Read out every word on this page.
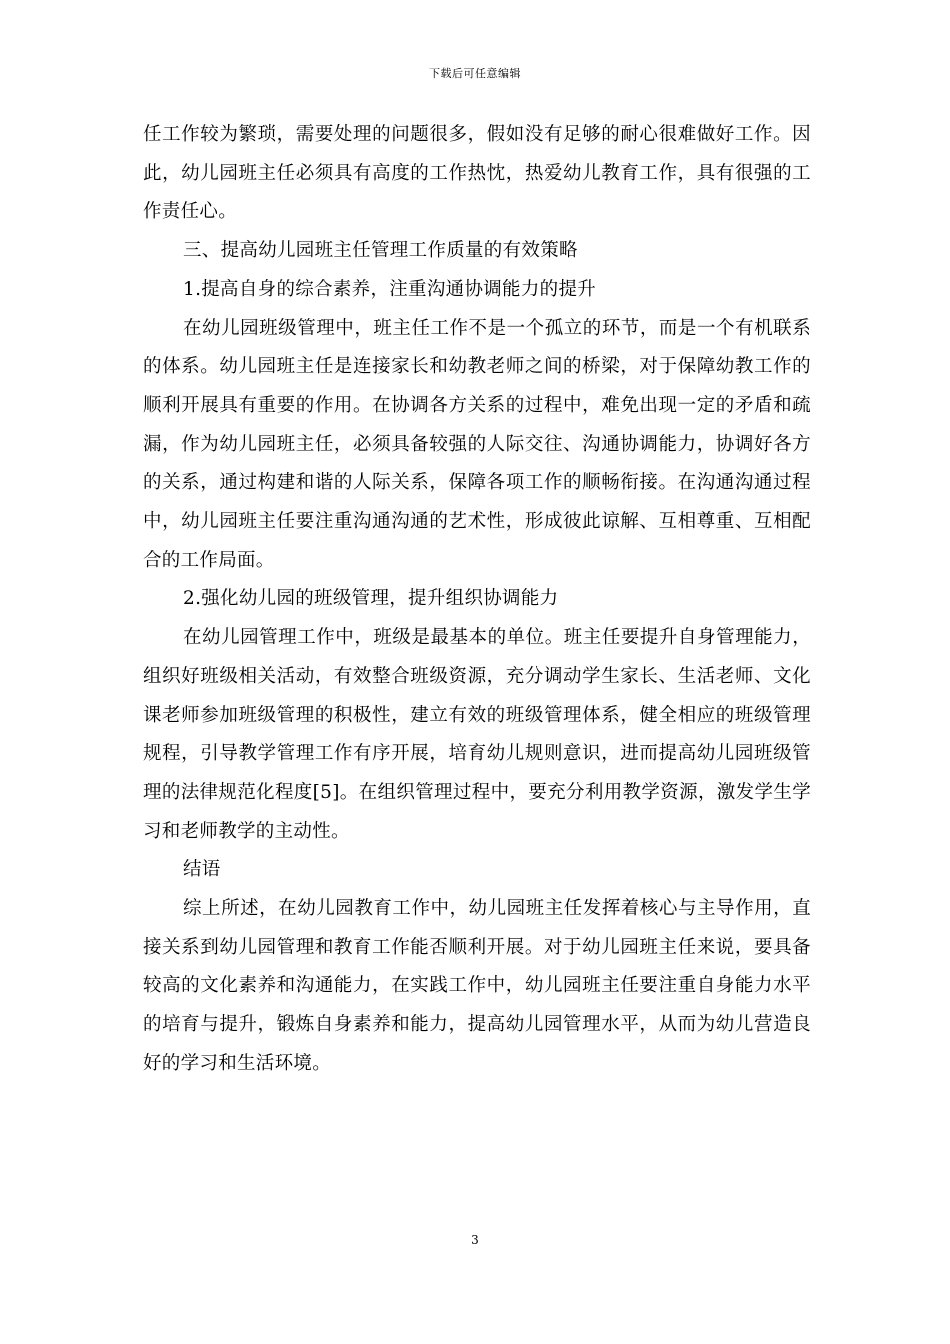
下载后可任意编辑

任工作较为繁琐，需要处理的问题很多，假如没有足够的耐心很难做好工作。因此，幼儿园班主任必须具有高度的工作热忱，热爱幼儿教育工作，具有很强的工作责任心。

三、提高幼儿园班主任管理工作质量的有效策略

1.提高自身的综合素养，注重沟通协调能力的提升

在幼儿园班级管理中，班主任工作不是一个孤立的环节，而是一个有机联系的体系。幼儿园班主任是连接家长和幼教老师之间的桥梁，对于保障幼教工作的顺利开展具有重要的作用。在协调各方关系的过程中，难免出现一定的矛盾和疏漏，作为幼儿园班主任，必须具备较强的人际交往、沟通协调能力，协调好各方的关系，通过构建和谐的人际关系，保障各项工作的顺畅衔接。在沟通沟通过程中，幼儿园班主任要注重沟通沟通的艺术性，形成彼此谅解、互相尊重、互相配合的工作局面。

2.强化幼儿园的班级管理，提升组织协调能力

在幼儿园管理工作中，班级是最基本的单位。班主任要提升自身管理能力，组织好班级相关活动，有效整合班级资源，充分调动学生家长、生活老师、文化课老师参加班级管理的积极性，建立有效的班级管理体系，健全相应的班级管理规程，引导教学管理工作有序开展，培育幼儿规则意识，进而提高幼儿园班级管理的法律规范化程度[5]。在组织管理过程中，要充分利用教学资源，激发学生学习和老师教学的主动性。

结语

综上所述，在幼儿园教育工作中，幼儿园班主任发挥着核心与主导作用，直接关系到幼儿园管理和教育工作能否顺利开展。对于幼儿园班主任来说，要具备较高的文化素养和沟通能力，在实践工作中，幼儿园班主任要注重自身能力水平的培育与提升，锻炼自身素养和能力，提高幼儿园管理水平，从而为幼儿营造良好的学习和生活环境。

3
